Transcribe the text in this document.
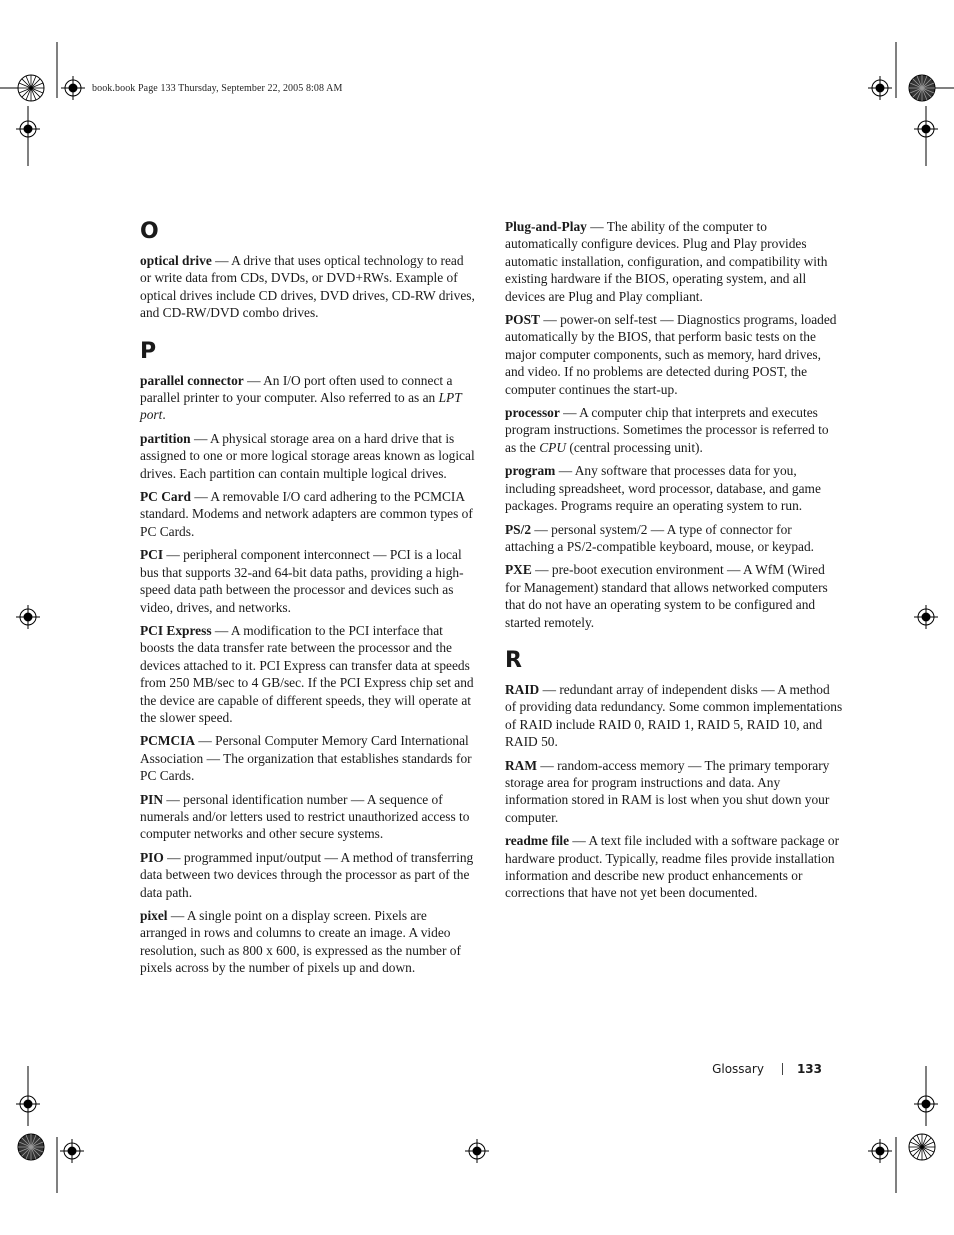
book.book Page 133 Thursday, September 22, 2005 8:08 AM
O

optical drive — A drive that uses optical technology to read or write data from CDs, DVDs, or DVD+RWs. Example of optical drives include CD drives, DVD drives, CD-RW drives, and CD-RW/DVD combo drives.

P

parallel connector — An I/O port often used to connect a parallel printer to your computer. Also referred to as an LPT port.

partition — A physical storage area on a hard drive that is assigned to one or more logical storage areas known as logical drives. Each partition can contain multiple logical drives.

PC Card — A removable I/O card adhering to the PCMCIA standard. Modems and network adapters are common types of PC Cards.

PCI — peripheral component interconnect — PCI is a local bus that supports 32-and 64-bit data paths, providing a high-speed data path between the processor and devices such as video, drives, and networks.

PCI Express — A modification to the PCI interface that boosts the data transfer rate between the processor and the devices attached to it. PCI Express can transfer data at speeds from 250 MB/sec to 4 GB/sec. If the PCI Express chip set and the device are capable of different speeds, they will operate at the slower speed.

PCMCIA — Personal Computer Memory Card International Association — The organization that establishes standards for PC Cards.

PIN — personal identification number — A sequence of numerals and/or letters used to restrict unauthorized access to computer networks and other secure systems.

PIO — programmed input/output — A method of transferring data between two devices through the processor as part of the data path.

pixel — A single point on a display screen. Pixels are arranged in rows and columns to create an image. A video resolution, such as 800 x 600, is expressed as the number of pixels across by the number of pixels up and down.

Plug-and-Play — The ability of the computer to automatically configure devices. Plug and Play provides automatic installation, configuration, and compatibility with existing hardware if the BIOS, operating system, and all devices are Plug and Play compliant.

POST — power-on self-test — Diagnostics programs, loaded automatically by the BIOS, that perform basic tests on the major computer components, such as memory, hard drives, and video. If no problems are detected during POST, the computer continues the start-up.

processor — A computer chip that interprets and executes program instructions. Sometimes the processor is referred to as the CPU (central processing unit).

program — Any software that processes data for you, including spreadsheet, word processor, database, and game packages. Programs require an operating system to run.

PS/2 — personal system/2 — A type of connector for attaching a PS/2-compatible keyboard, mouse, or keypad.

PXE — pre-boot execution environment — A WfM (Wired for Management) standard that allows networked computers that do not have an operating system to be configured and started remotely.

R

RAID — redundant array of independent disks — A method of providing data redundancy. Some common implementations of RAID include RAID 0, RAID 1, RAID 5, RAID 10, and RAID 50.

RAM — random-access memory — The primary temporary storage area for program instructions and data. Any information stored in RAM is lost when you shut down your computer.

readme file — A text file included with a software package or hardware product. Typically, readme files provide installation information and describe new product enhancements or corrections that have not yet been documented.

Glossary	133
